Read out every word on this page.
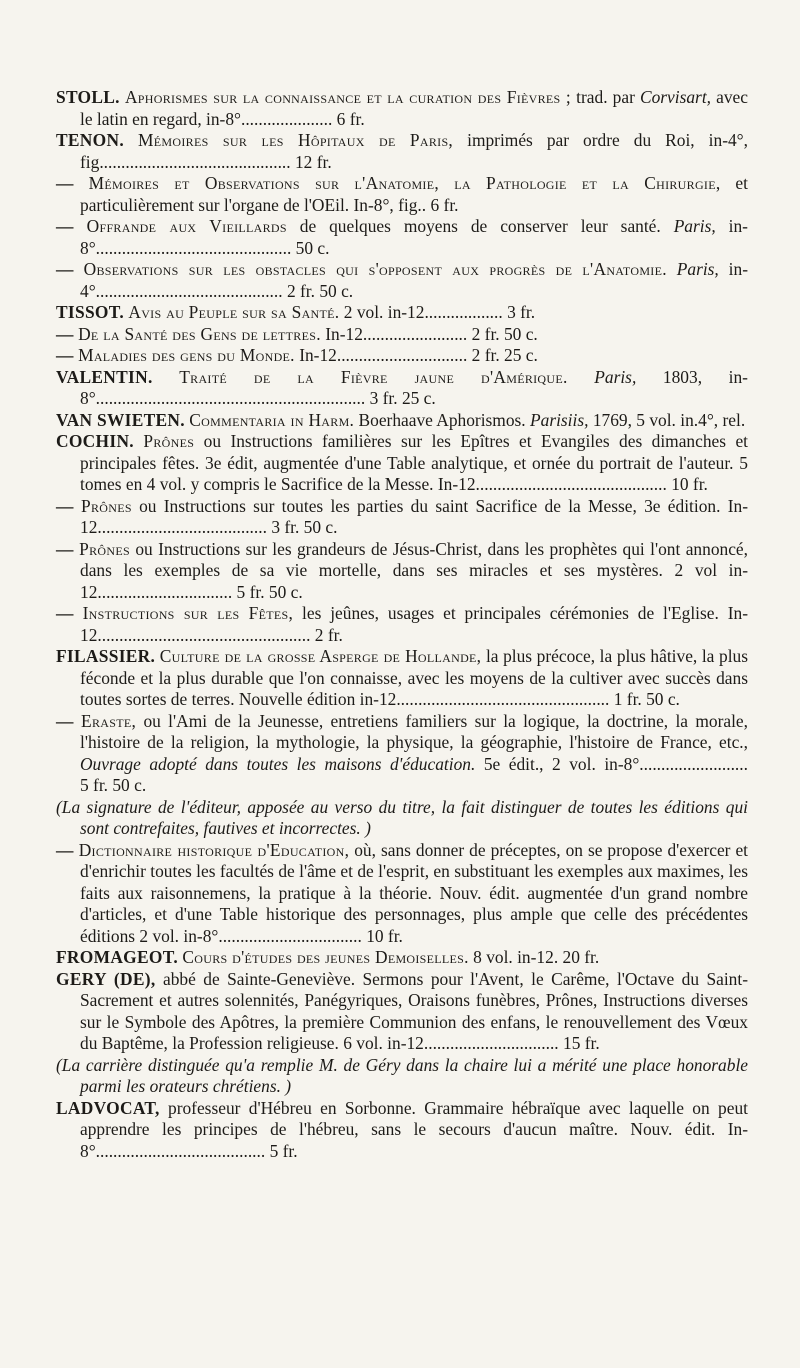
STOLL. Aphorismes sur la connaissance et la curation des Fièvres ; trad. par Corvisart, avec le latin en regard, in-8°..................... 6 fr.

TENON. Mémoires sur les Hôpitaux de Paris, imprimés par ordre du Roi, in-4°, fig............................................ 12 fr.

— Mémoires et Observations sur l'Anatomie, la Pathologie et la Chirurgie, et particulièrement sur l'organe de l'OEil. In-8°, fig.. 6 fr.

— Offrande aux Vieillards de quelques moyens de conserver leur santé. Paris, in-8°............................................. 50 c.

— Observations sur les obstacles qui s'opposent aux progrès de l'Anatomie. Paris, in-4°........................................... 2 fr. 50 c.

TISSOT. Avis au Peuple sur sa Santé. 2 vol. in-12.................. 3 fr.

— De la Santé des Gens de lettres. In-12........................ 2 fr. 50 c.

— Maladies des gens du Monde. In-12.............................. 2 fr. 25 c.

VALENTIN. Traité de la Fièvre jaune d'Amérique. Paris, 1803, in-8°.............................................................. 3 fr. 25 c.

VAN SWIETEN. Commentaria in Harm. Boerhaave Aphorismos. Parisiis, 1769, 5 vol. in.4°, rel.

COCHIN. Prônes ou Instructions familières sur les Epîtres et Evangiles des dimanches et principales fêtes. 3e édit, augmentée d'une Table analytique, et ornée du portrait de l'auteur. 5 tomes en 4 vol. y compris le Sacrifice de la Messe. In-12............................................ 10 fr.

— Prônes ou Instructions sur toutes les parties du saint Sacrifice de la Messe, 3e édition. In-12....................................... 3 fr. 50 c.

— Prônes ou Instructions sur les grandeurs de Jésus-Christ, dans les prophètes qui l'ont annoncé, dans les exemples de sa vie mortelle, dans ses miracles et ses mystères. 2 vol in-12............................... 5 fr. 50 c.

— Instructions sur les Fêtes, les jeûnes, usages et principales cérémonies de l'Eglise. In-12................................................. 2 fr.

FILASSIER. Culture de la grosse Asperge de Hollande, la plus précoce, la plus hâtive, la plus féconde et la plus durable que l'on connaisse, avec les moyens de la cultiver avec succès dans toutes sortes de terres. Nouvelle édition in-12................................................. 1 fr. 50 c.

— Eraste, ou l'Ami de la Jeunesse, entretiens familiers sur la logique, la doctrine, la morale, l'histoire de la religion, la mythologie, la physique, la géographie, l'histoire de France, etc., Ouvrage adopté dans toutes les maisons d'éducation. 5e édit., 2 vol. in-8°......................... 5 fr. 50 c.

(La signature de l'éditeur, apposée au verso du titre, la fait distinguer de toutes les éditions qui sont contrefaites, fautives et incorrectes. )

— Dictionnaire historique d'Education, où, sans donner de préceptes, on se propose d'exercer et d'enrichir toutes les facultés de l'âme et de l'esprit, en substituant les exemples aux maximes, les faits aux raisonnemens, la pratique à la théorie. Nouv. édit. augmentée d'un grand nombre d'articles, et d'une Table historique des personnages, plus ample que celle des précédentes éditions 2 vol. in-8°................................. 10 fr.

FROMAGEOT. Cours d'études des jeunes Demoiselles. 8 vol. in-12. 20 fr.

GERY (DE), abbé de Sainte-Geneviève. Sermons pour l'Avent, le Carême, l'Octave du Saint-Sacrement et autres solennités, Panégyriques, Oraisons funèbres, Prônes, Instructions diverses sur le Symbole des Apôtres, la première Communion des enfans, le renouvellement des Vœux du Baptême, la Profession religieuse. 6 vol. in-12............................... 15 fr.

(La carrière distinguée qu'a remplie M. de Géry dans la chaire lui a mérité une place honorable parmi les orateurs chrétiens. )

LADVOCAT, professeur d'Hébreu en Sorbonne. Grammaire hébraïque avec laquelle on peut apprendre les principes de l'hébreu, sans le secours d'aucun maître. Nouv. édit. In-8°....................................... 5 fr.
